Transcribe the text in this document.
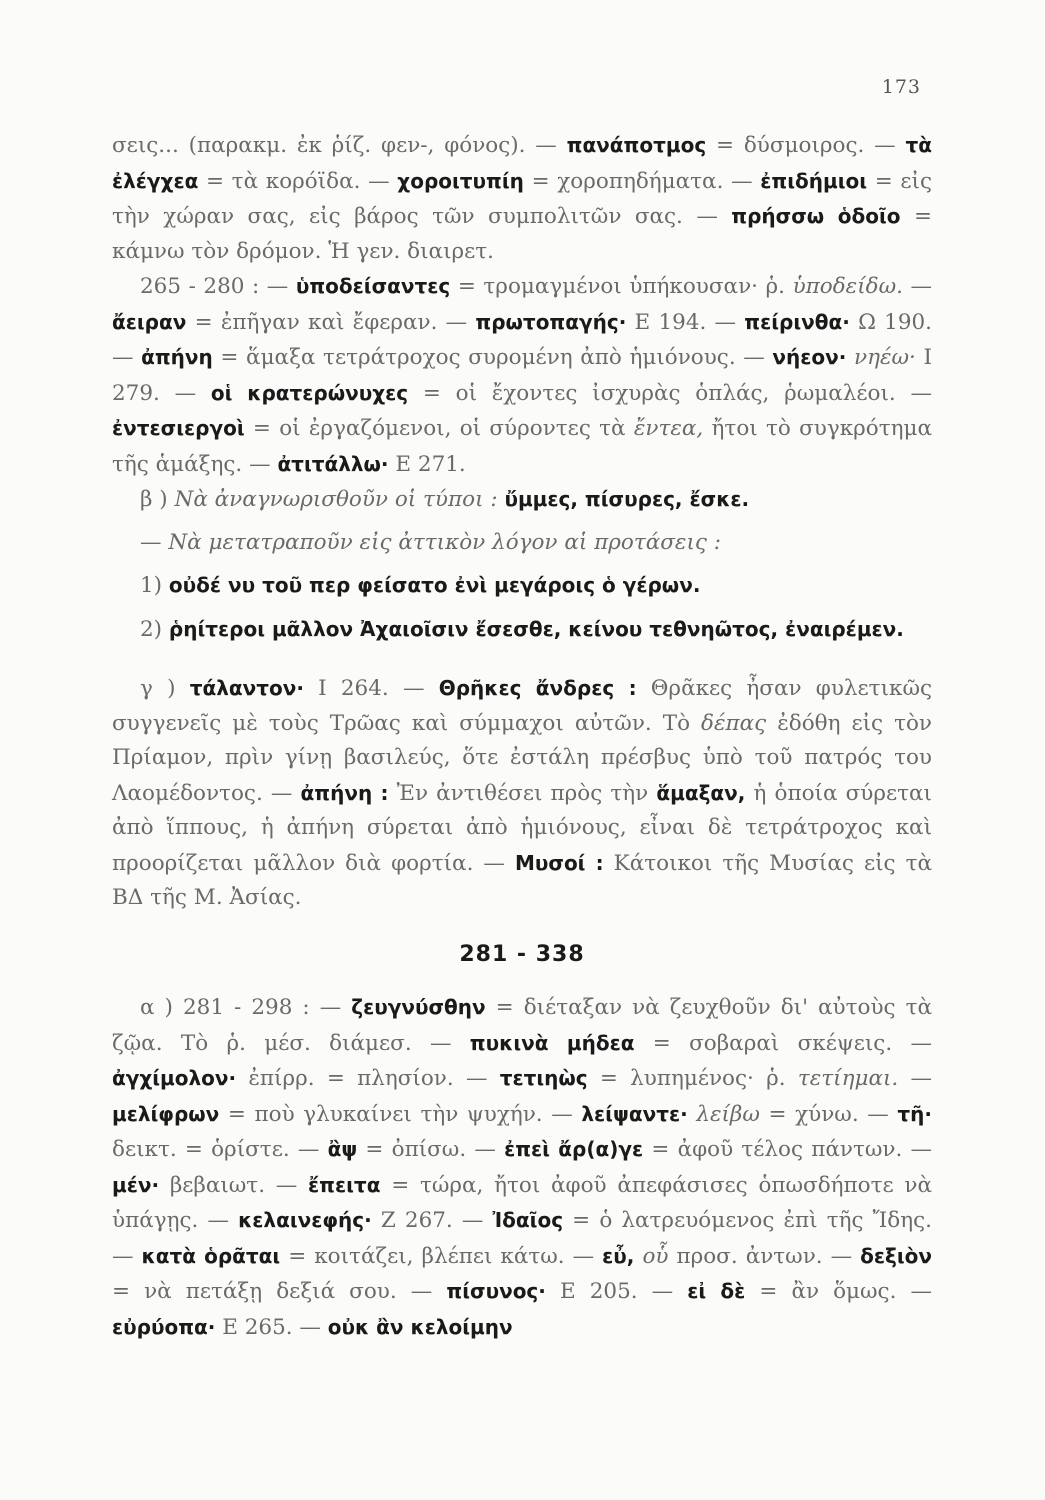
173

σεις... (παρακμ. ἐκ ῥίζ. φεν-, φόνος). — πανάποτμος = δύσμοιρος. — τὰ ἐλέγχεα = τὰ κορόϊδα. — χοροιτυπίη = χοροπηδήματα. — ἐπιδήμιοι = εἰς τὴν χώραν σας, εἰς βάρος τῶν συμπολιτῶν σας. — πρήσσω ὁδοῖο = κάμνω τὸν δρόμον. Ἡ γεν. διαιρετ.

265 - 280 : — ὑποδείσαντες = τρομαγμένοι ὑπήκουσαν· ῥ. ὑποδείδω. — ἄειραν = ἐπῆγαν καὶ ἔφεραν. — πρωτοπαγής· Ε 194. — πείρινθα· Ω 190. — ἀπήνη = ἅμαξα τετράτροχος συρομένη ἀπὸ ἡμιόνους. — νήεον· νηέω· Ι 279. — οἱ κρατερώνυχες = οἱ ἔχοντες ἰσχυρὰς ὁπλάς, ῥωμαλέοι. — ἐντεσιεργοὶ = οἱ ἐργαζόμενοι, οἱ σύροντες τὰ ἔντεα, ἤτοι τὸ συγκρότημα τῆς ἁμάξης. — ἀτιτάλλω· Ε 271.

β ) Νὰ ἀναγνωρισθοῦν οἱ τύποι : ὔμμες, πίσυρες, ἔσκε.

— Νὰ μετατραποῦν εἰς ἀττικὸν λόγον αἱ προτάσεις :

1) οὐδέ νυ τοῦ περ φείσατο ἐνὶ μεγάροις ὁ γέρων.

2) ῥηίτεροι μᾶλλον Ἀχαιοῖσιν ἔσεσθε, κείνου τεθνηῶτος, ἐναιρέμεν.

γ ) τάλαντον· Ι 264. — Θρῆκες ἄνδρες : Θρᾶκες ἦσαν φυλετικῶς συγγενεῖς μὲ τοὺς Τρῶας καὶ σύμμαχοι αὐτῶν. Τὸ δέπας ἐδόθη εἰς τὸν Πρίαμον, πρὶν γίνῃ βασιλεύς, ὅτε ἐστάλη πρέσβυς ὑπὸ τοῦ πατρός του Λαομέδοντος. — ἀπήνη : Ἐν ἀντιθέσει πρὸς τὴν ἅμαξαν, ἡ ὁποία σύρεται ἀπὸ ἵππους, ἡ ἀπήνη σύρεται ἀπὸ ἡμιόνους, εἶναι δὲ τετράτροχος καὶ προορίζεται μᾶλλον διὰ φορτία. — Μυσοί : Κάτοικοι τῆς Μυσίας εἰς τὰ ΒΔ τῆς Μ. Ἀσίας.

281 - 338

α ) 281 - 298 : — ζευγνύσθην = διέταξαν νὰ ζευχθοῦν δι' αὐτοὺς τὰ ζῷα. Τὸ ῥ. μέσ. διάμεσ. — πυκινὰ μήδεα = σοβαραὶ σκέψεις. — ἀγχίμολον· ἐπίρρ. = πλησίον. — τετιηὼς = λυπημένος· ῥ. τετίημαι. — μελίφρων = ποὺ γλυκαίνει τὴν ψυχήν. — λείψαντε· λείβω = χύνω. — τῆ· δεικτ. = ὁρίστε. — ἂψ = ὀπίσω. — ἐπεὶ ἄρ(α)γε = ἀφοῦ τέλος πάντων. — μέν· βεβαιωτ. — ἔπειτα = τώρα, ἤτοι ἀφοῦ ἀπεφάσισες ὁπωσδήποτε νὰ ὑπάγῃς. — κελαινεφής· Ζ 267. — Ἰδαῖος = ὁ λατρευόμενος ἐπὶ τῆς Ἴδης. — κατὰ ὁρᾶται = κοιτάζει, βλέπει κάτω. — εὖ, οὗ προσ. ἀντων. — δεξιὸν = νὰ πετάξῃ δεξιά σου. — πίσυνος· Ε 205. — εἰ δὲ = ἂν ὅμως. — εὐρύοπα· Ε 265. — οὐκ ἂν κελοίμην
